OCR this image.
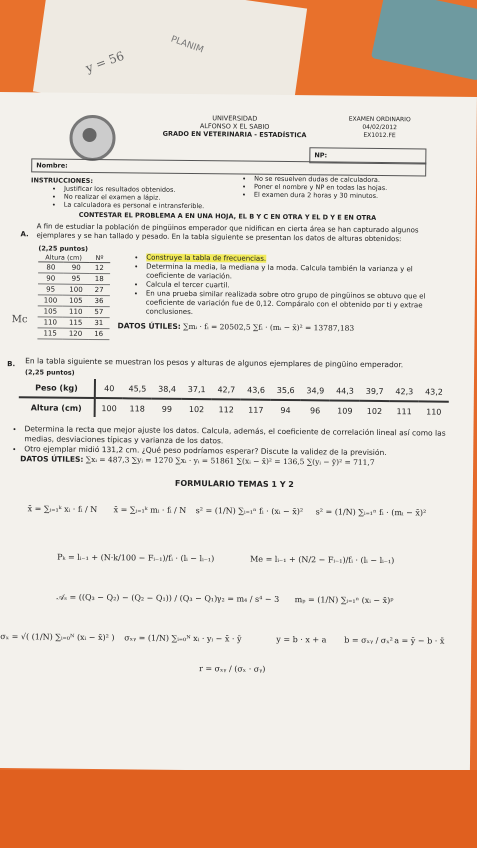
y = 56
PLANIM
UNIVERSIDAD
ALFONSO X EL SABIO
GRADO EN VETERINARIA - ESTADÍSTICA
EXAMEN ORDINARIO
04/02/2012
EX1012.FE
NP:
Nombre:
INSTRUCCIONES:
• Justificar los resultados obtenidos.
• No realizar el examen a lápiz.
• La calculadora es personal e intransferible.
• No se resuelven dudas de calculadora.
• Poner el nombre y NP en todas las hojas.
• El examen dura 2 horas y 30 minutos.
CONTESTAR EL PROBLEMA A EN UNA HOJA, EL B Y C EN OTRA Y EL D Y E EN OTRA
A. A fin de estudiar la población de pingüinos emperador que nidifican en cierta área se han capturado algunos ejemplares y se han tallado y pesado. En la tabla siguiente se presentan los datos de alturas obtenidos:
(2,25 puntos)
Altura (cm)		Nº
80	90	12
90	95	18
95	100	27
100	105	36
105	110	57
110	115	31
115	120	16
Mc
• Construye la tabla de frecuencias.
• Determina la media, la mediana y la moda. Calcula también la varianza y el coeficiente de variación.
• Calcula el tercer cuartil.
• En una prueba similar realizada sobre otro grupo de pingüinos se obtuvo que el coeficiente de variación fue de 0,12. Compáralo con el obtenido por ti y extrae conclusiones.
DATOS ÚTILES: ∑mᵢ · fᵢ = 20502,5 ∑fᵢ · (mᵢ − x̄)² = 13787,183
B. En la tabla siguiente se muestran los pesos y alturas de algunos ejemplares de pingüino emperador.
(2,25 puntos)
Peso (kg)	40	45,5	38,4	37,1	42,7	43,6	35,6	34,9	44,3	39,7	42,3	43,2
Altura (cm)	100	118	99	102	112	117	94	96	109	102	111	110
• Determina la recta que mejor ajuste los datos. Calcula, además, el coeficiente de correlación lineal así como las medias, desviaciones típicas y varianza de los datos.
• Otro ejemplar midió 131,2 cm. ¿Qué peso podríamos esperar? Discute la validez de la previsión.
DATOS ÚTILES: ∑xᵢ = 487,3 ∑yᵢ = 1270 ∑xᵢ · yᵢ = 51861 ∑(xᵢ − x̄)² = 136,5 ∑(yᵢ − ȳ)² = 711,7
FORMULARIO TEMAS 1 Y 2
x̄ = ∑ᵢ₌₁ᵏ xᵢ · fᵢ / N x̄ = ∑ᵢ₌₁ᵏ mᵢ · fᵢ / N s² = (1/N) ∑ᵢ₌₁ⁿ fᵢ · (xᵢ − x̄)² s² = (1/N) ∑ᵢ₌₁ⁿ fᵢ · (mᵢ − x̄)²
Pₖ = lᵢ₋₁ + (N·k/100 − Fᵢ₋₁)/fᵢ · (lᵢ − lᵢ₋₁)	Me = lᵢ₋₁ + (N/2 − Fᵢ₋₁)/fᵢ · (lᵢ − lᵢ₋₁)
𝒜ₛ = ((Q₃ − Q₂) − (Q₂ − Q₁)) / (Q₃ − Q₁) γ₂ = m₄ / s⁴ − 3 mₚ = (1/N) ∑ᵢ₌₁ⁿ (xᵢ − x̄)ᵖ
σₓ = √( (1/N) ∑ᵢ₌₀ᴺ (xᵢ − x̄)² ) σₓᵧ = (1/N) ∑ᵢ₌₀ᴺ xᵢ · yᵢ − x̄ · ȳ	y = b · x + a b = σₓᵧ / σₓ² a = ȳ − b · x̄
r = σₓᵧ / (σₓ · σᵧ)
